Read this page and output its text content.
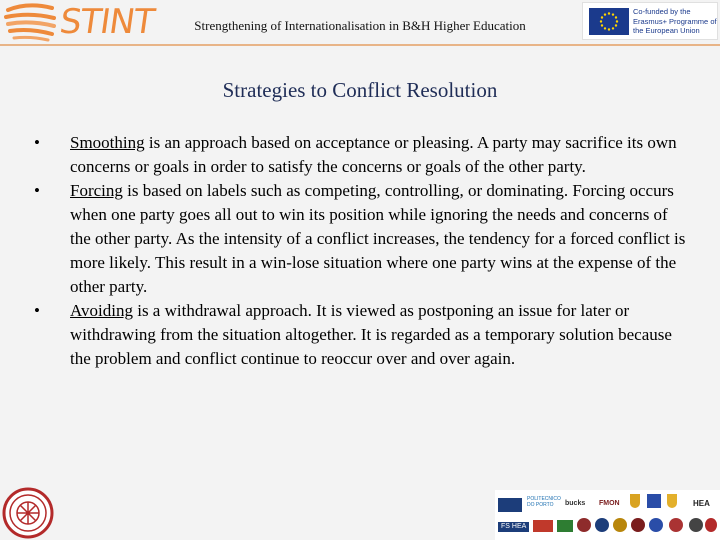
STINT	Strengthening of Internationalisation in B&H Higher Education
Co-funded by the Erasmus+ Programme of the European Union
Strategies to Conflict Resolution
• Smoothing is an approach based on acceptance or pleasing. A party may sacrifice its own concerns or goals in order to satisfy the concerns or goals of the other party.
• Forcing is based on labels such as competing, controlling, or dominating. Forcing occurs when one party goes all out to win its position while ignoring the needs and concerns of the other party. As the intensity of a conflict increases, the tendency for a forced conflict is more likely. This result in a win-lose situation where one party wins at the expense of the other party.
• Avoiding is a withdrawal approach. It is viewed as postponing an issue for later or withdrawing from the situation altogether. It is regarded as a temporary solution because the problem and conflict continue to reoccur over and over again.
POLITECNICO DO PORTO	bucks FMON	HEA
FS HEA
